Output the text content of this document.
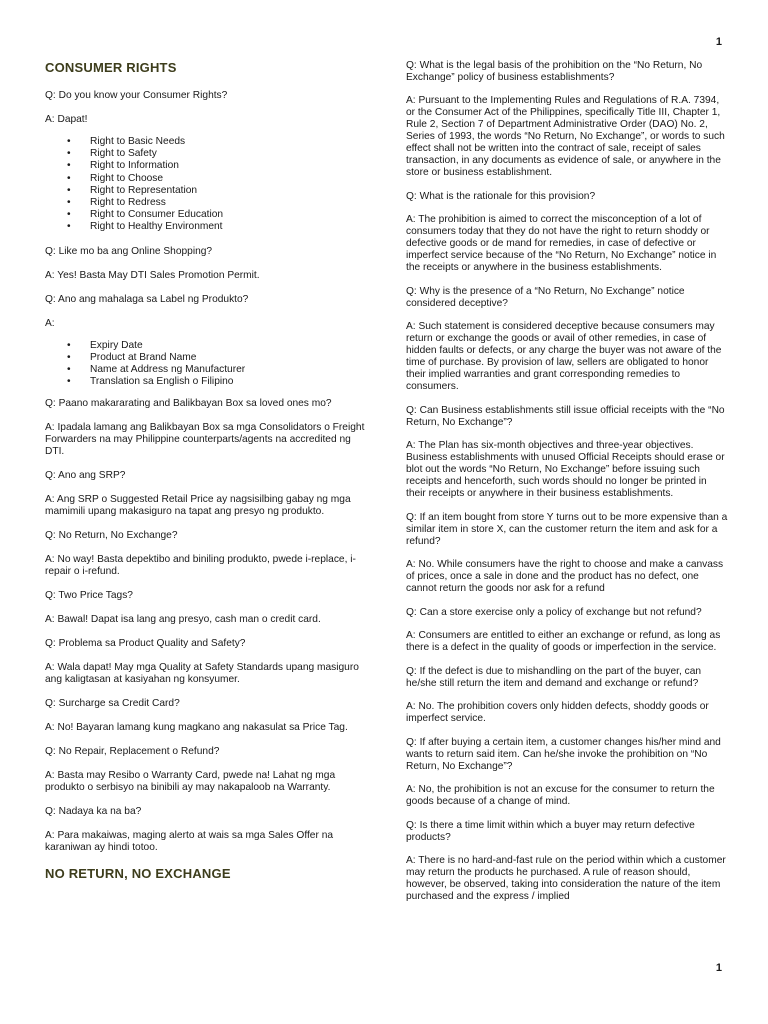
1
CONSUMER RIGHTS
Q: Do you know your Consumer Rights?
A: Dapat!
• Right to Basic Needs
• Right to Safety
• Right to Information
• Right to Choose
• Right to Representation
• Right to Redress
• Right to Consumer Education
• Right to Healthy Environment
Q: Like mo ba ang Online Shopping?
A: Yes! Basta May DTI Sales Promotion Permit.
Q: Ano ang mahalaga sa Label ng Produkto?
A:
• Expiry Date
• Product at Brand Name
• Name at Address ng Manufacturer
• Translation sa English o Filipino
Q: Paano makararating and Balikbayan Box sa loved ones mo?
A: Ipadala lamang ang Balikbayan Box sa mga Consolidators o Freight Forwarders na may Philippine counterparts/agents na accredited ng DTI.
Q: Ano ang SRP?
A: Ang SRP o Suggested Retail Price ay nagsisilbing gabay ng mga mamimili upang makasiguro na tapat ang presyo ng produkto.
Q: No Return, No Exchange?
A: No way! Basta depektibo and biniling produkto, pwede i-replace, i-repair o i-refund.
Q: Two Price Tags?
A: Bawal! Dapat isa lang ang presyo, cash man o credit card.
Q: Problema sa Product Quality and Safety?
A: Wala dapat! May mga Quality at Safety Standards upang masiguro ang kaligtasan at kasiyahan ng konsyumer.
Q: Surcharge sa Credit Card?
A: No! Bayaran lamang kung magkano ang nakasulat sa Price Tag.
Q: No Repair, Replacement o Refund?
A: Basta may Resibo o Warranty Card, pwede na! Lahat ng mga produkto o serbisyo na binibili ay may nakapaloob na Warranty.
Q: Nadaya ka na ba?
A: Para makaiwas, maging alerto at wais sa mga Sales Offer na karaniwan ay hindi totoo.
NO RETURN, NO EXCHANGE
Q: What is the legal basis of the prohibition on the “No Return, No Exchange” policy of business establishments?
A: Pursuant to the Implementing Rules and Regulations of R.A. 7394, or the Consumer Act of the Philippines, specifically Title III, Chapter 1, Rule 2, Section 7 of Department Administrative Order (DAO) No. 2, Series of 1993, the words “No Return, No Exchange”, or words to such effect shall not be written into the contract of sale, receipt of sales transaction, in any documents as evidence of sale, or anywhere in the store or business establishment.
Q: What is the rationale for this provision?
A: The prohibition is aimed to correct the misconception of a lot of consumers today that they do not have the right to return shoddy or defective goods or de mand for remedies, in case of defective or imperfect service because of the “No Return, No Exchange” notice in the receipts or anywhere in the business establishments.
Q: Why is the presence of a “No Return, No Exchange” notice considered deceptive?
A: Such statement is considered deceptive because consumers may return or exchange the goods or avail of other remedies, in case of hidden faults or defects, or any charge the buyer was not aware of the time of purchase. By provision of law, sellers are obligated to honor their implied warranties and grant corresponding remedies to consumers.
Q: Can Business establishments still issue official receipts with the “No Return, No Exchange”?
A: The Plan has six-month objectives and three-year objectives. Business establishments with unused Official Receipts should erase or blot out the words “No Return, No Exchange” before issuing such receipts and henceforth, such words should no longer be printed in their receipts or anywhere in their business establishments.
Q: If an item bought from store Y turns out to be more expensive than a similar item in store X, can the customer return the item and ask for a refund?
A: No. While consumers have the right to choose and make a canvass of prices, once a sale in done and the product has no defect, one cannot return the goods nor ask for a refund
Q: Can a store exercise only a policy of exchange but not refund?
A: Consumers are entitled to either an exchange or refund, as long as there is a defect in the quality of goods or imperfection in the service.
Q: If the defect is due to mishandling on the part of the buyer, can he/she still return the item and demand and exchange or refund?
A: No. The prohibition covers only hidden defects, shoddy goods or imperfect service.
Q: If after buying a certain item, a customer changes his/her mind and wants to return said item. Can he/she invoke the prohibition on “No Return, No Exchange”?
A: No, the prohibition is not an excuse for the consumer to return the goods because of a change of mind.
Q: Is there a time limit within which a buyer may return defective products?
A: There is no hard-and-fast rule on the period within which a customer may return the products he purchased. A rule of reason should, however, be observed, taking into consideration the nature of the item purchased and the express / implied
1
